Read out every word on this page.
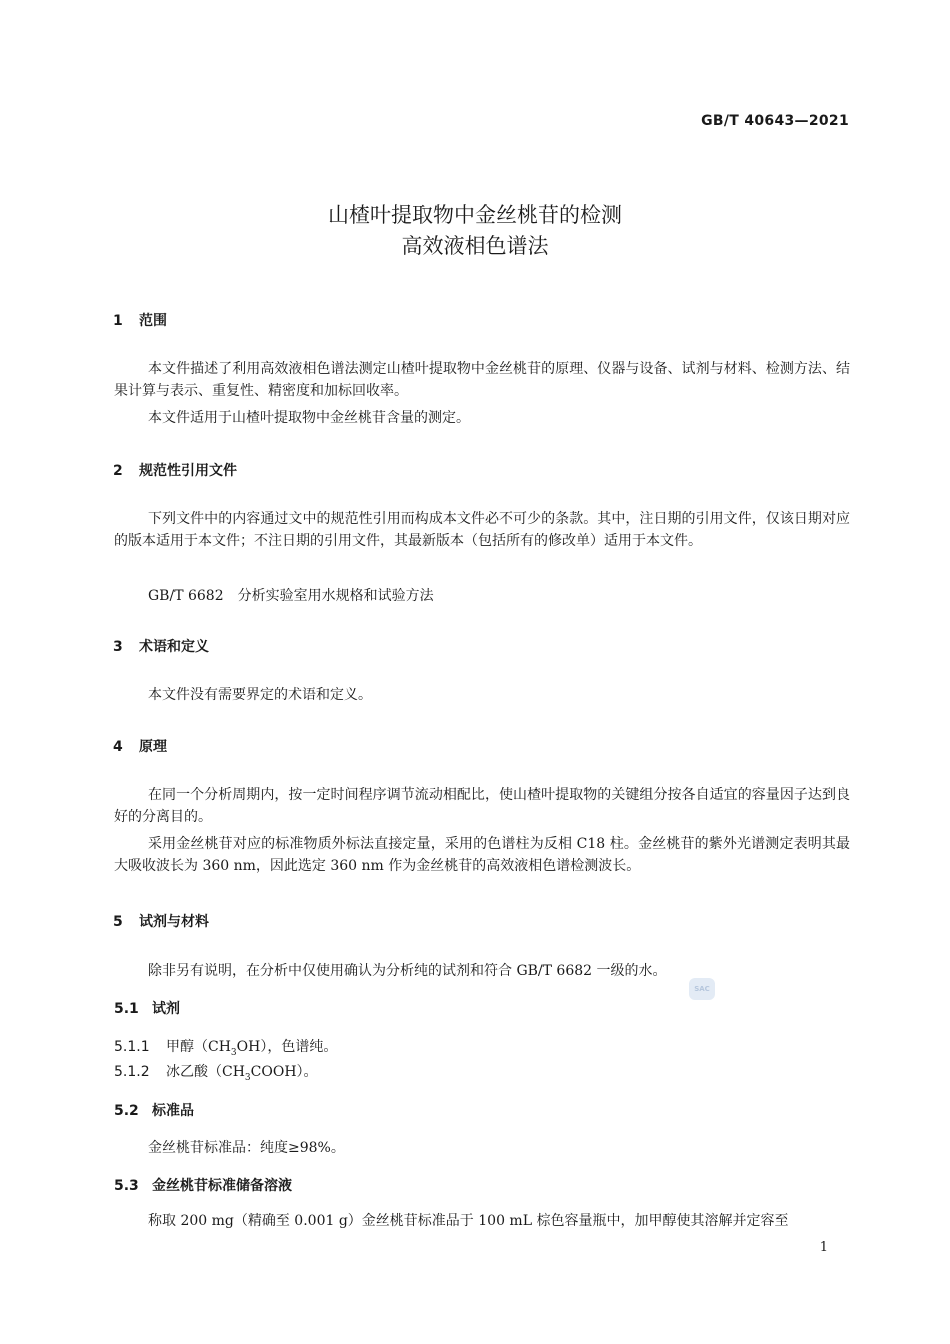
GB/T 40643—2021
山楂叶提取物中金丝桃苷的检测
高效液相色谱法
1 范围
本文件描述了利用高效液相色谱法测定山楂叶提取物中金丝桃苷的原理、仪器与设备、试剂与材料、检测方法、结果计算与表示、重复性、精密度和加标回收率。
本文件适用于山楂叶提取物中金丝桃苷含量的测定。
2 规范性引用文件
下列文件中的内容通过文中的规范性引用而构成本文件必不可少的条款。其中，注日期的引用文件，仅该日期对应的版本适用于本文件；不注日期的引用文件，其最新版本（包括所有的修改单）适用于本文件。
GB/T 6682　分析实验室用水规格和试验方法
3 术语和定义
本文件没有需要界定的术语和定义。
4 原理
在同一个分析周期内，按一定时间程序调节流动相配比，使山楂叶提取物的关键组分按各自适宜的容量因子达到良好的分离目的。
采用金丝桃苷对应的标准物质外标法直接定量，采用的色谱柱为反相 C18 柱。金丝桃苷的紫外光谱测定表明其最大吸收波长为 360 nm，因此选定 360 nm 作为金丝桃苷的高效液相色谱检测波长。
5 试剂与材料
除非另有说明，在分析中仅使用确认为分析纯的试剂和符合 GB/T 6682 一级的水。
SAC
5.1 试剂
5.1.1 甲醇$(CH_3OH)$，色谱纯。
5.1.2 冰乙酸$(CH_3COOH)$。
5.2 标准品
金丝桃苷标准品：纯度≥98%。
5.3 金丝桃苷标准储备溶液
称取 200 mg（精确至 0.001 g）金丝桃苷标准品于 100 mL 棕色容量瓶中，加甲醇使其溶解并定容至
1
